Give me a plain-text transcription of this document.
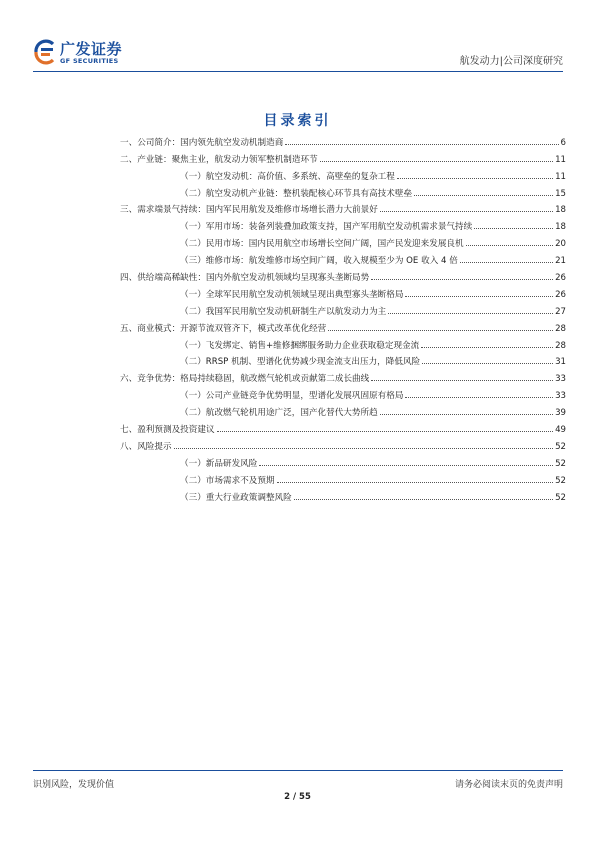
广发证券
GF SECURITIES	航发动力|公司深度研究
目录索引
一、公司简介：国内领先航空发动机制造商	6
二、产业链：聚焦主业，航发动力领军整机制造环节	11
（一）航空发动机：高价值、多系统、高壁垒的复杂工程	11
（二）航空发动机产业链：整机装配核心环节具有高技术壁垒	15
三、需求端景气持续：国内军民用航发及维修市场增长潜力大前景好	18
（一）军用市场：装备列装叠加政策支持，国产军用航空发动机需求景气持续	18
（二）民用市场：国内民用航空市场增长空间广阔，国产民发迎来发展良机	20
（三）维修市场：航发维修市场空间广阔，收入规模至少为 OE 收入 4 倍	21
四、供给端高稀缺性：国内外航空发动机领域均呈现寡头垄断局势	26
（一）全球军民用航空发动机领域呈现出典型寡头垄断格局	26
（二）我国军民用航空发动机研制生产以航发动力为主	27
五、商业模式：开源节流双管齐下，模式改革优化经营	28
（一）飞发绑定、销售+维修捆绑服务助力企业获取稳定现金流	28
（二）RRSP 机制、型谱化优势减少现金流支出压力，降低风险	31
六、竞争优势：格局持续稳固，航改燃气轮机或贡献第二成长曲线	33
（一）公司产业链竞争优势明显，型谱化发展巩固原有格局	33
（二）航改燃气轮机用途广泛，国产化替代大势所趋	39
七、盈利预测及投资建议	49
八、风险提示	52
（一）新品研发风险	52
（二）市场需求不及预期	52
（三）重大行业政策调整风险	52
识别风险，发现价值	请务必阅读末页的免责声明
2 / 55
